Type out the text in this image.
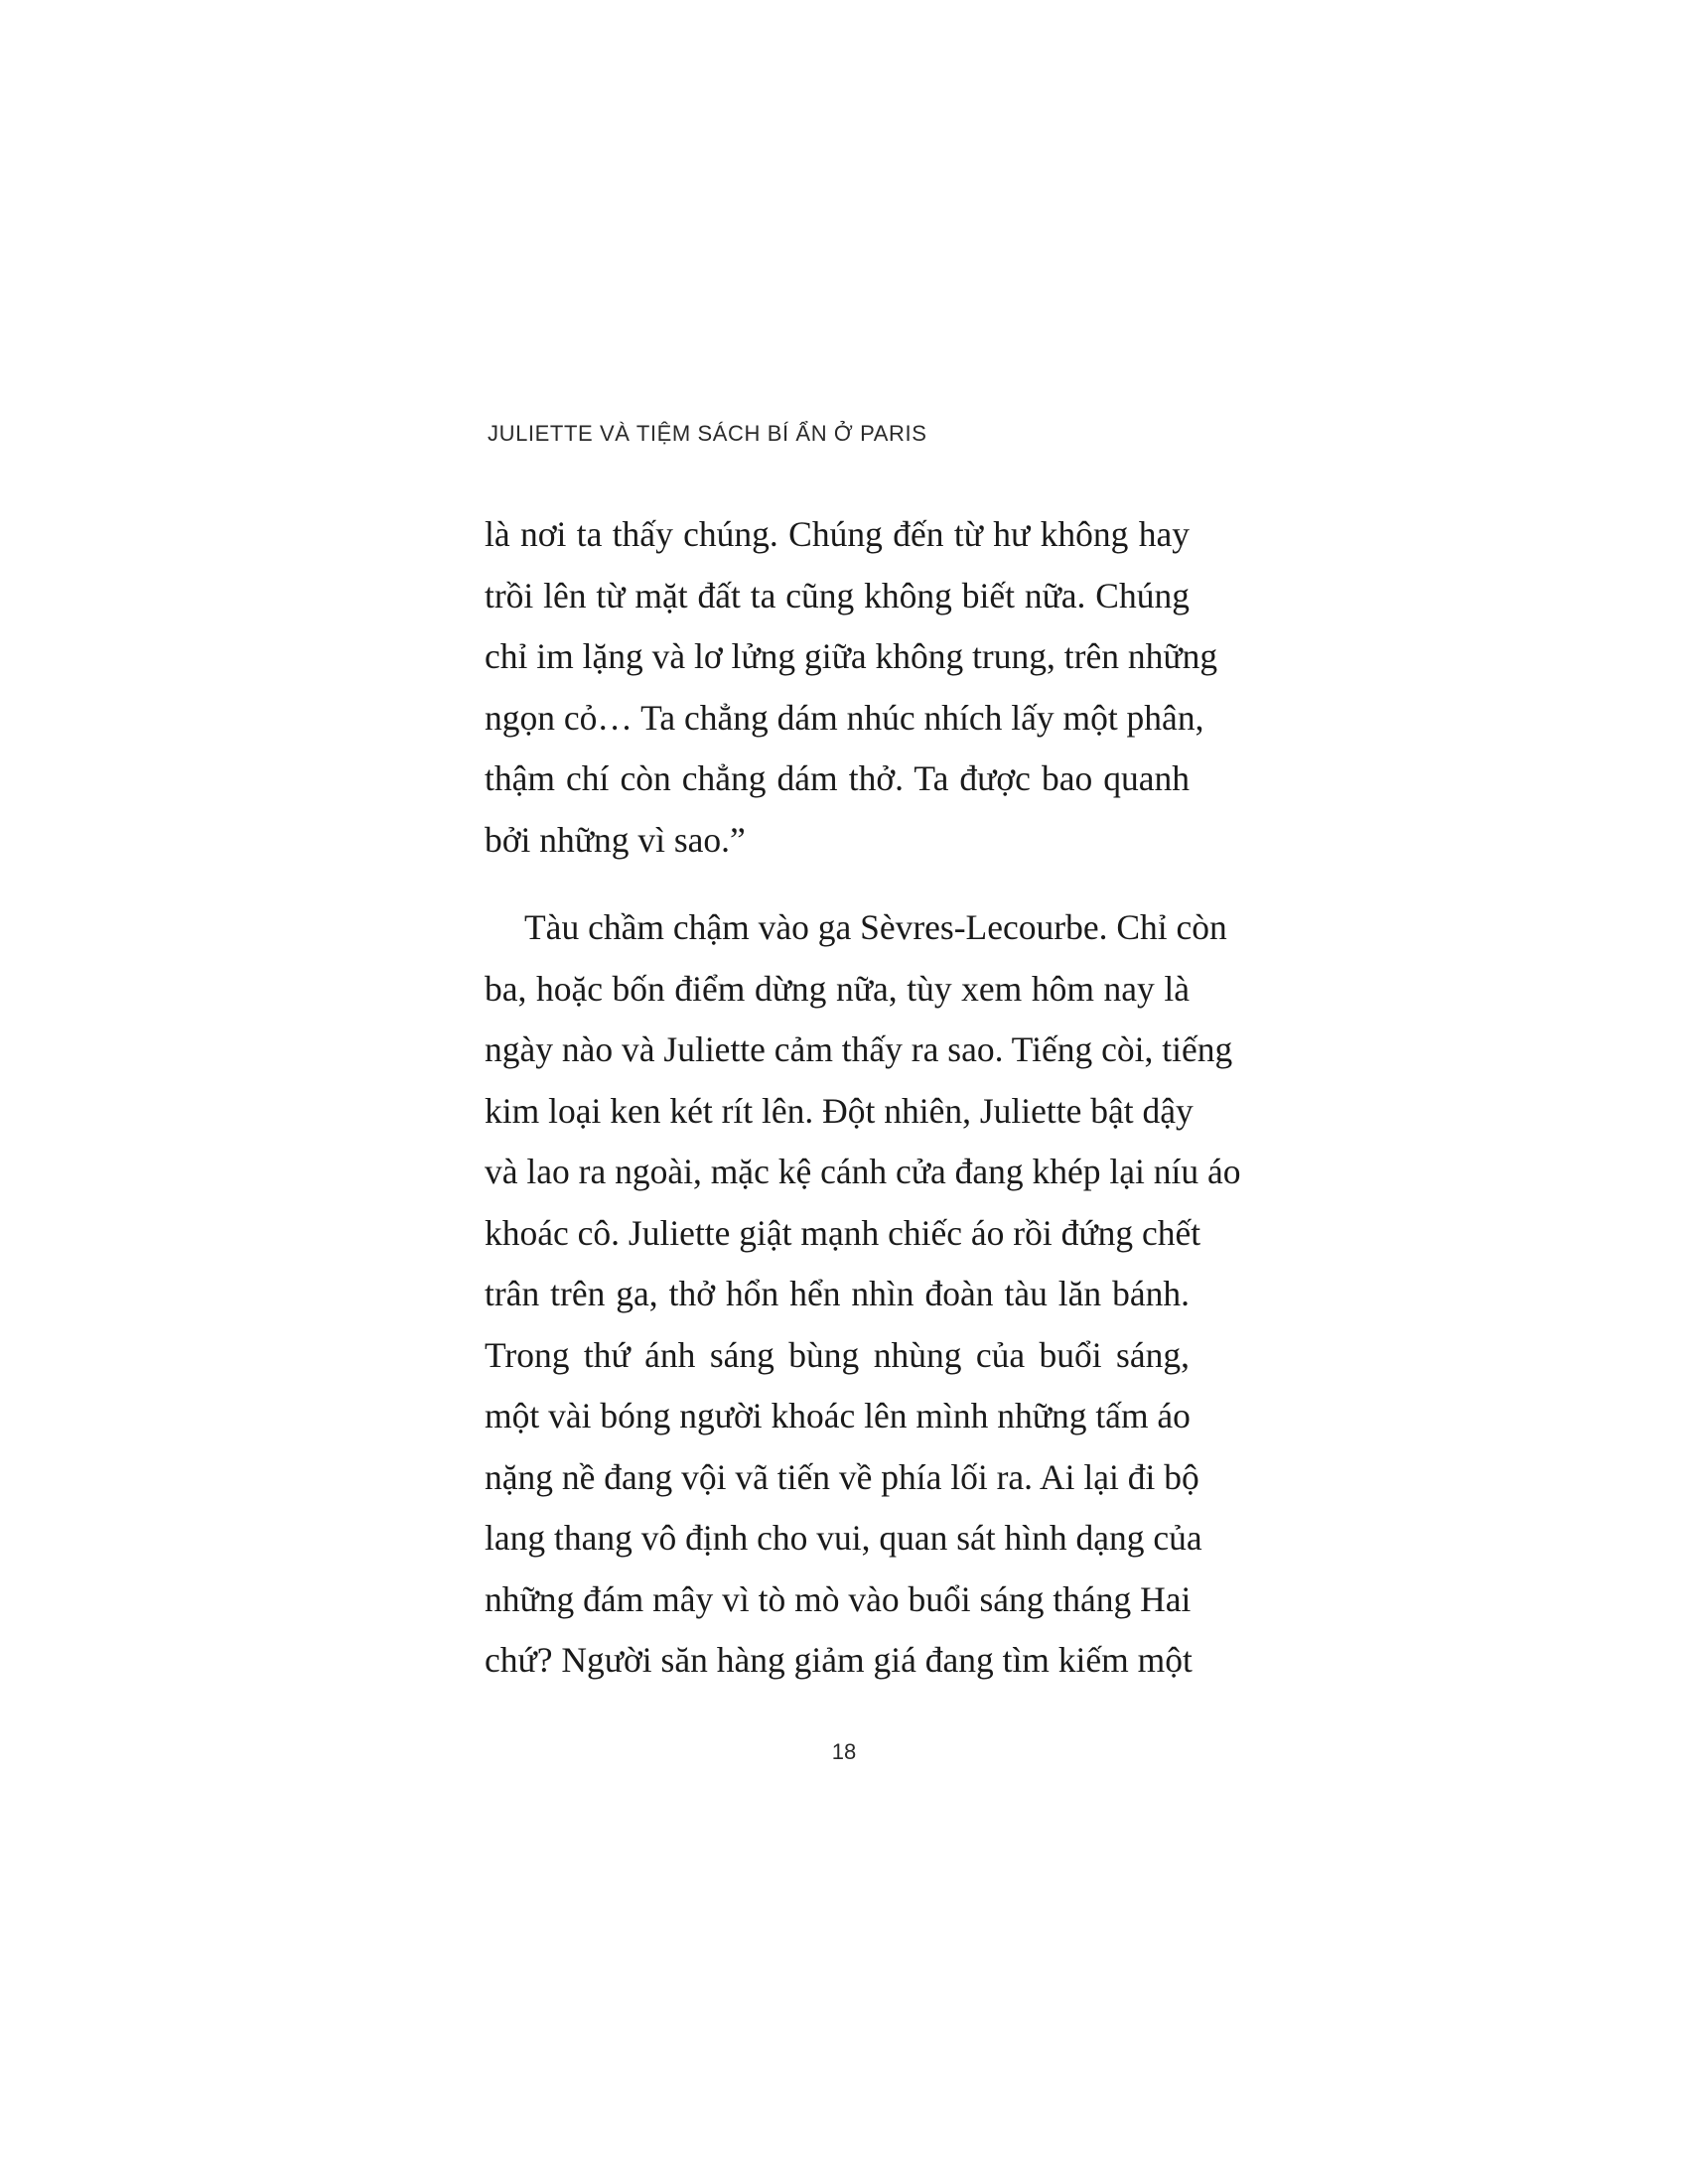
JULIETTE VÀ TIỆM SÁCH BÍ ẨN Ở PARIS

là nơi ta thấy chúng. Chúng đến từ hư không hay
trồi lên từ mặt đất ta cũng không biết nữa. Chúng
chỉ im lặng và lơ lửng giữa không trung, trên những
ngọn cỏ… Ta chẳng dám nhúc nhích lấy một phân,
thậm chí còn chẳng dám thở. Ta được bao quanh
bởi những vì sao.”

Tàu chầm chậm vào ga Sèvres-Lecourbe. Chỉ còn
ba, hoặc bốn điểm dừng nữa, tùy xem hôm nay là
ngày nào và Juliette cảm thấy ra sao. Tiếng còi, tiếng
kim loại ken két rít lên. Đột nhiên, Juliette bật dậy
và lao ra ngoài, mặc kệ cánh cửa đang khép lại níu áo
khoác cô. Juliette giật mạnh chiếc áo rồi đứng chết
trân trên ga, thở hổn hển nhìn đoàn tàu lăn bánh.
Trong thứ ánh sáng bùng nhùng của buổi sáng,
một vài bóng người khoác lên mình những tấm áo
nặng nề đang vội vã tiến về phía lối ra. Ai lại đi bộ
lang thang vô định cho vui, quan sát hình dạng của
những đám mây vì tò mò vào buổi sáng tháng Hai
chứ? Người săn hàng giảm giá đang tìm kiếm một

18
